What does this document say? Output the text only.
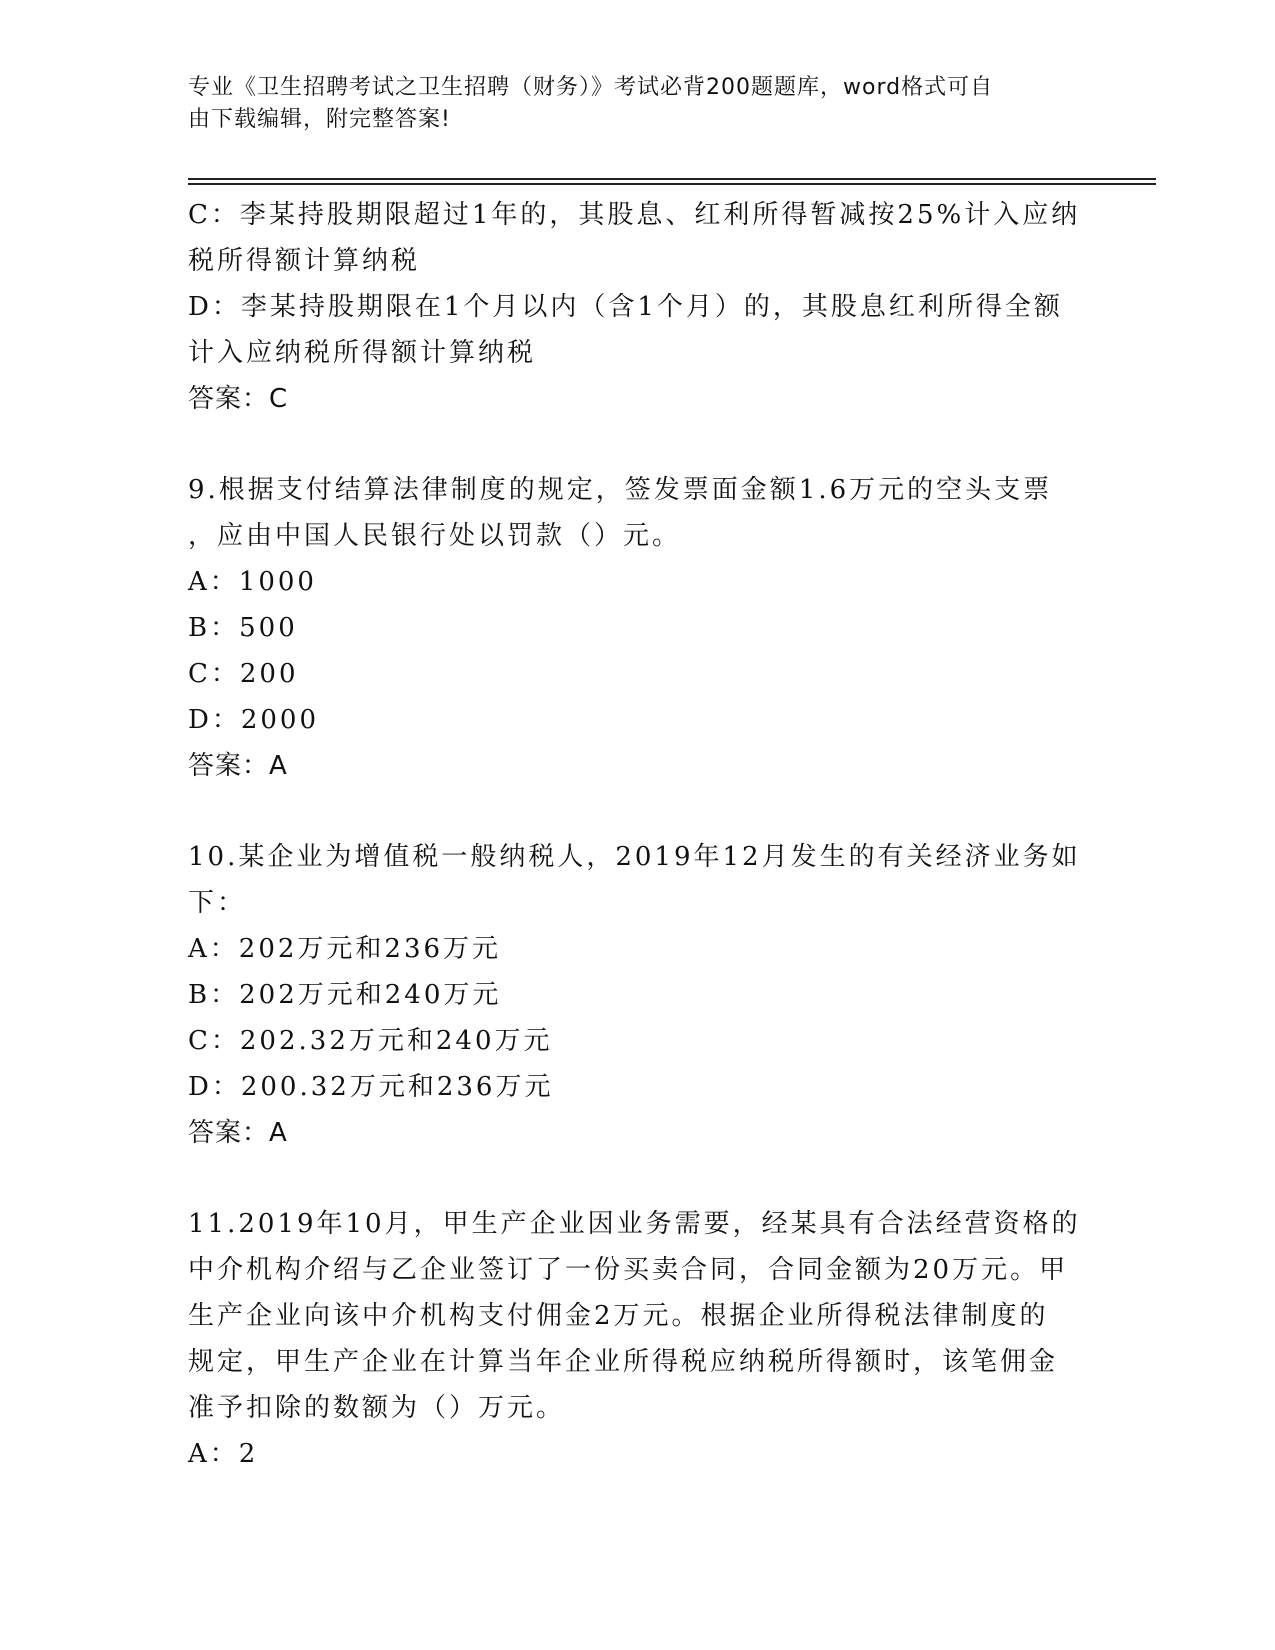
专业《卫生招聘考试之卫生招聘（财务）》考试必背200题题库，word格式可自
由下载编辑，附完整答案!
C：李某持股期限超过1年的，其股息、红利所得暂减按25%计入应纳
税所得额计算纳税
D：李某持股期限在1个月以内（含1个月）的，其股息红利所得全额
计入应纳税所得额计算纳税
答案：C
9.根据支付结算法律制度的规定，签发票面金额1.6万元的空头支票
，应由中国人民银行处以罚款（）元。
A：1000
B：500
C：200
D：2000
答案：A
10.某企业为增值税一般纳税人，2019年12月发生的有关经济业务如
下：
A：202万元和236万元
B：202万元和240万元
C：202.32万元和240万元
D：200.32万元和236万元
答案：A
11.2019年10月，甲生产企业因业务需要，经某具有合法经营资格的
中介机构介绍与乙企业签订了一份买卖合同，合同金额为20万元。甲
生产企业向该中介机构支付佣金2万元。根据企业所得税法律制度的
规定，甲生产企业在计算当年企业所得税应纳税所得额时，该笔佣金
准予扣除的数额为（）万元。
A：2
